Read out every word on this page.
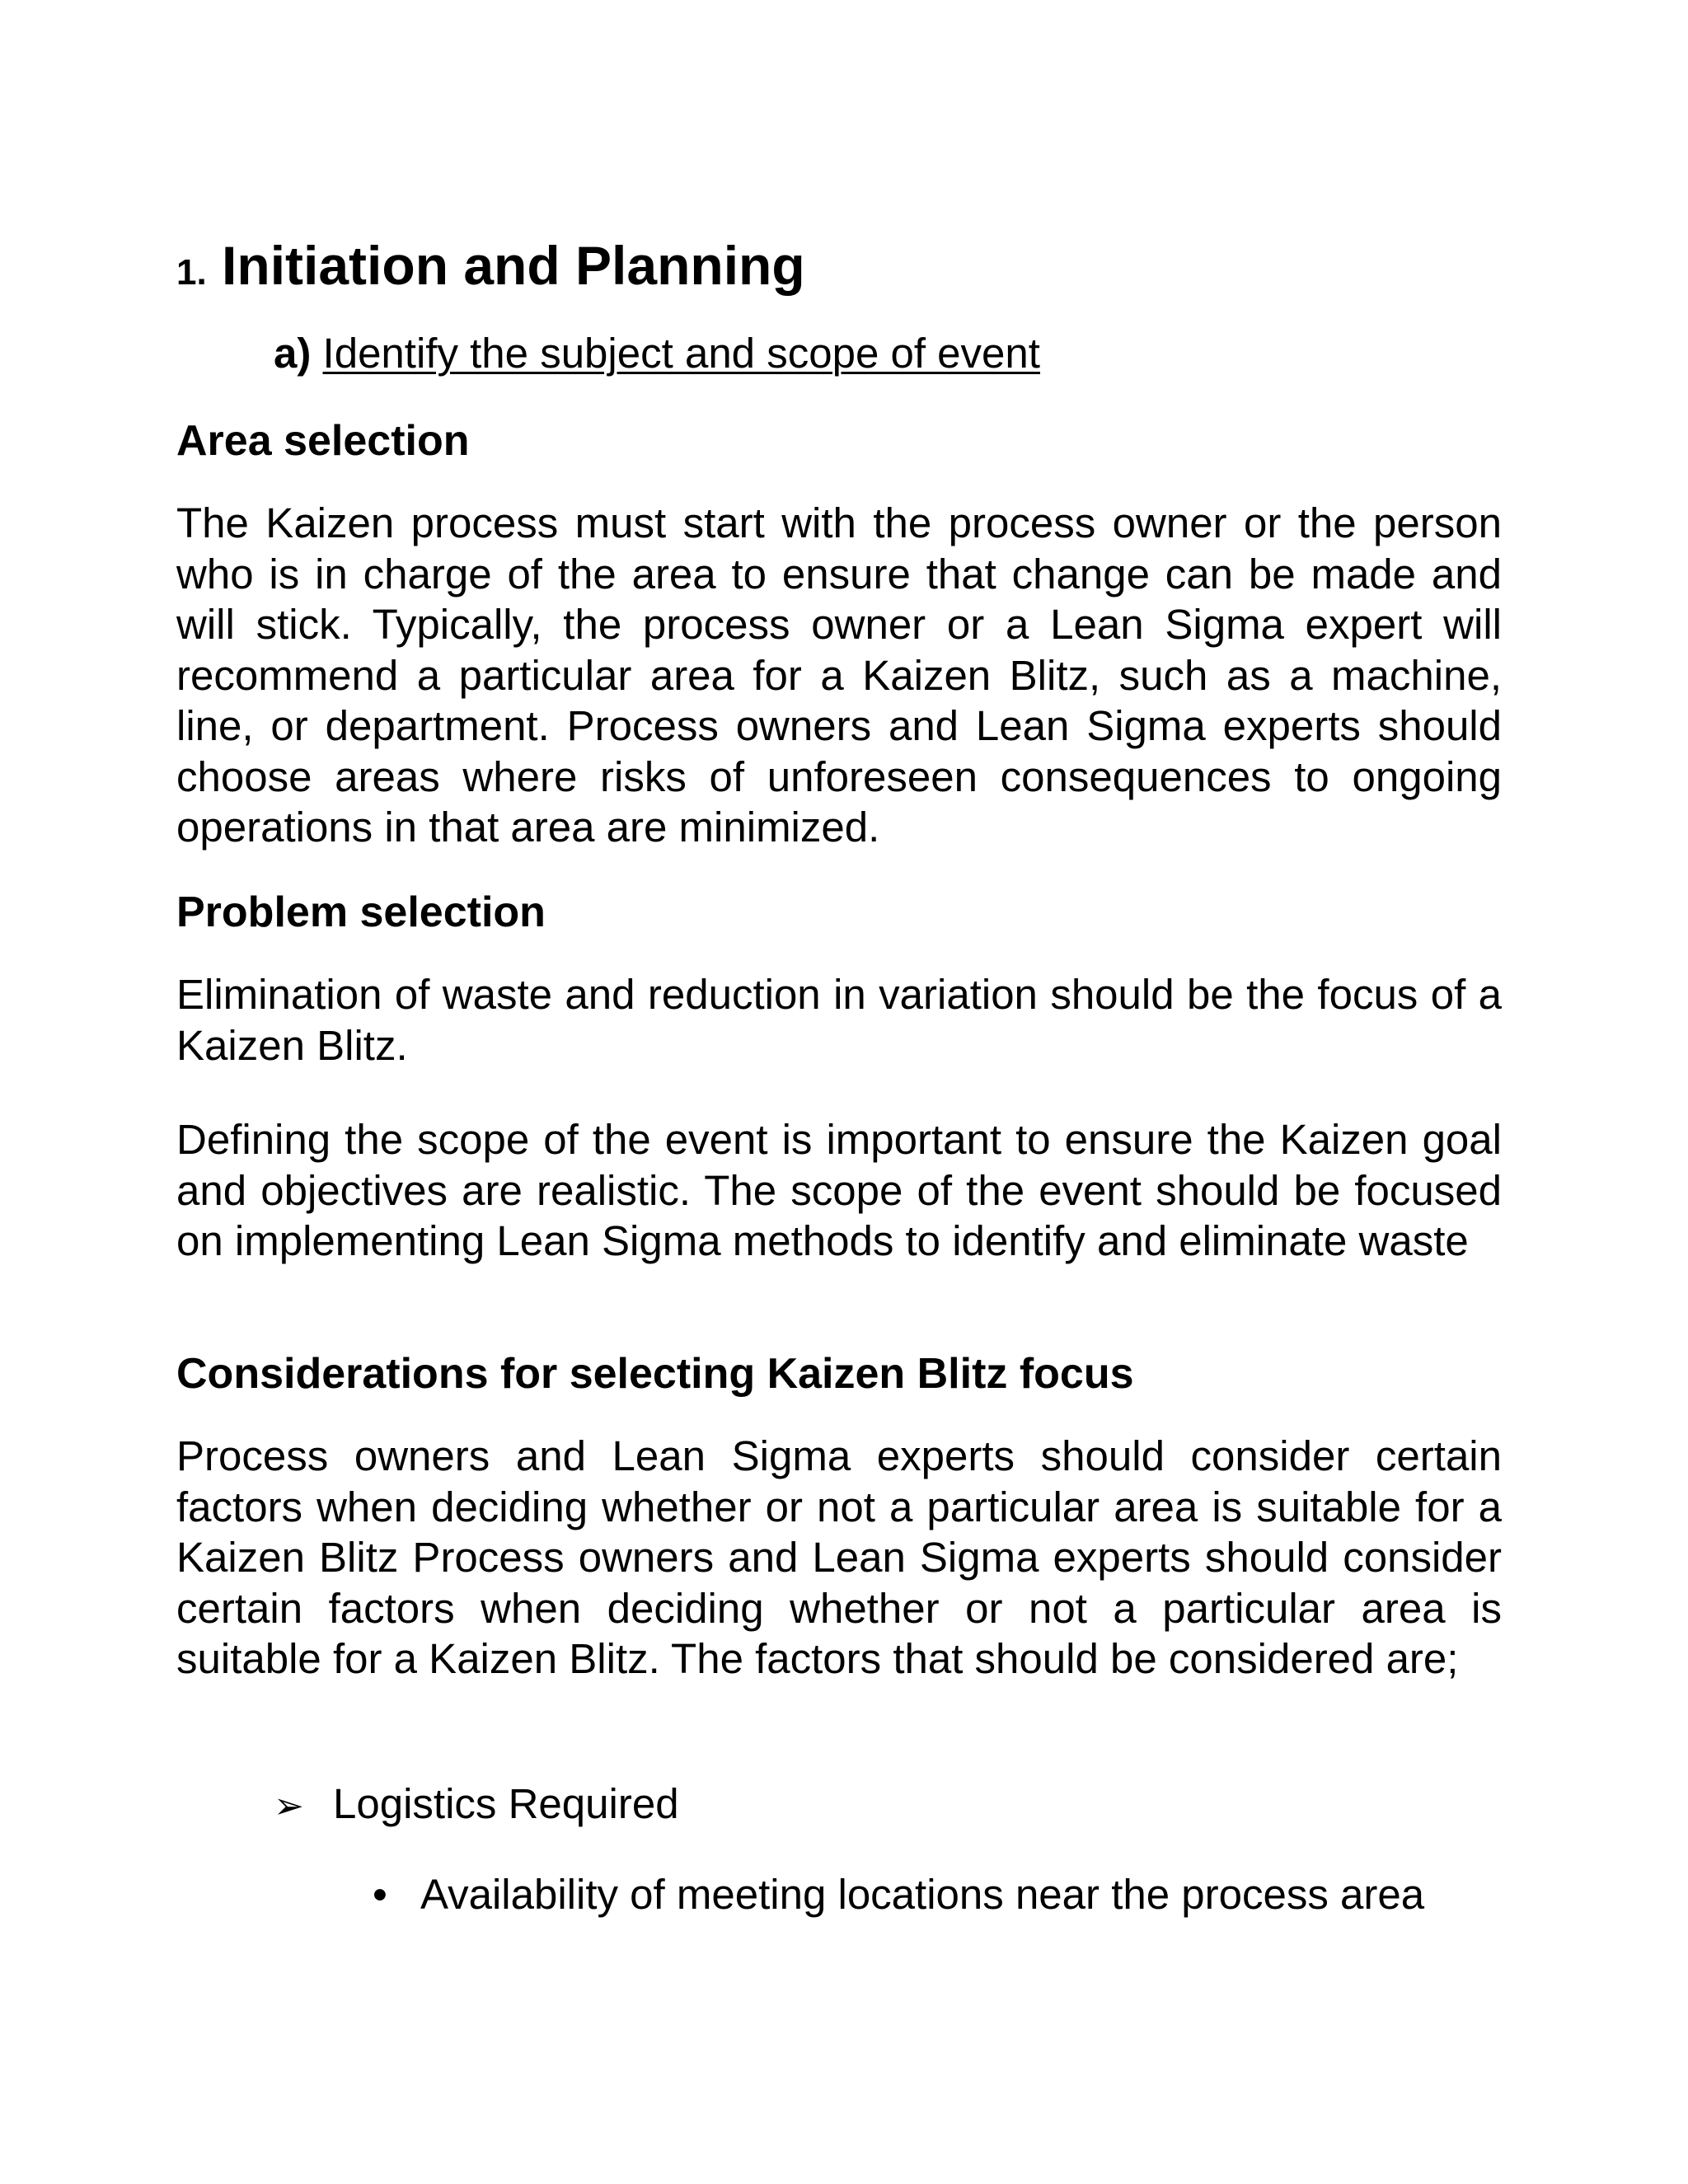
1. Initiation and Planning
a) Identify the subject and scope of event
Area selection
The Kaizen process must start with the process owner or the person who is in charge of the area to ensure that change can be made and will stick. Typically, the process owner or a Lean Sigma expert will recommend a particular area for a Kaizen Blitz, such as a machine, line, or department. Process owners and Lean Sigma experts should choose areas where risks of unforeseen consequences to ongoing operations in that area are minimized.
Problem selection
Elimination of waste and reduction in variation should be the focus of a Kaizen Blitz.
Defining the scope of the event is important to ensure the Kaizen goal and objectives are realistic. The scope of the event should be focused on implementing Lean Sigma methods to identify and eliminate waste
Considerations for selecting Kaizen Blitz focus
Process owners and Lean Sigma experts should consider certain factors when deciding whether or not a particular area is suitable for a Kaizen Blitz Process owners and Lean Sigma experts should consider certain factors when deciding whether or not a particular area is suitable for a Kaizen Blitz. The factors that should be considered are;
➢ Logistics Required
• Availability of meeting locations near the process area
